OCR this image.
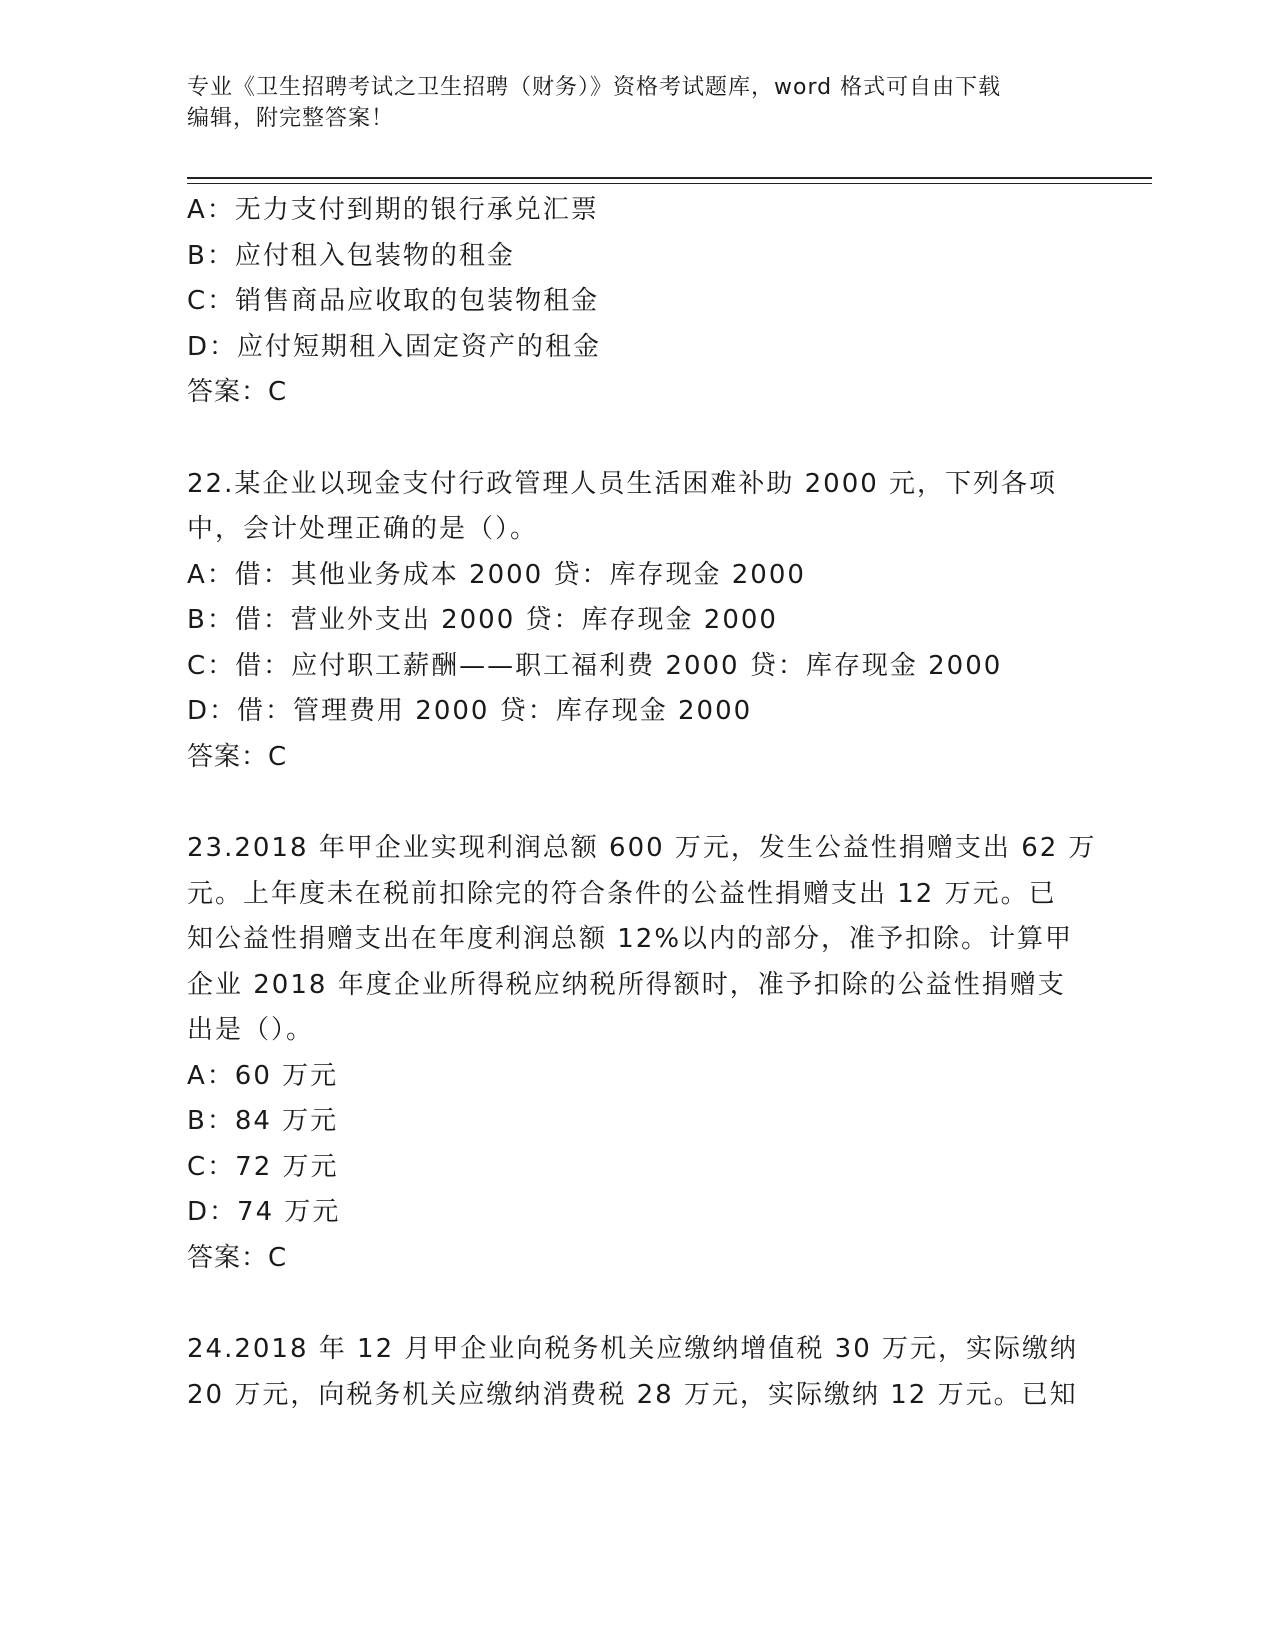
专业《卫生招聘考试之卫生招聘（财务）》资格考试题库，word 格式可自由下载
编辑，附完整答案！
A：无力支付到期的银行承兑汇票
B：应付租入包装物的租金
C：销售商品应收取的包装物租金
D：应付短期租入固定资产的租金
答案：C
22.某企业以现金支付行政管理人员生活困难补助 2000 元，下列各项
中，会计处理正确的是（）。
A：借：其他业务成本 2000 贷：库存现金 2000
B：借：营业外支出 2000 贷：库存现金 2000
C：借：应付职工薪酬——职工福利费 2000 贷：库存现金 2000
D：借：管理费用 2000 贷：库存现金 2000
答案：C
23.2018 年甲企业实现利润总额 600 万元，发生公益性捐赠支出 62 万
元。上年度未在税前扣除完的符合条件的公益性捐赠支出 12 万元。已
知公益性捐赠支出在年度利润总额 12%以内的部分，准予扣除。计算甲
企业 2018 年度企业所得税应纳税所得额时，准予扣除的公益性捐赠支
出是（）。
A：60 万元
B：84 万元
C：72 万元
D：74 万元
答案：C
24.2018 年 12 月甲企业向税务机关应缴纳增值税 30 万元，实际缴纳
20 万元，向税务机关应缴纳消费税 28 万元，实际缴纳 12 万元。已知
